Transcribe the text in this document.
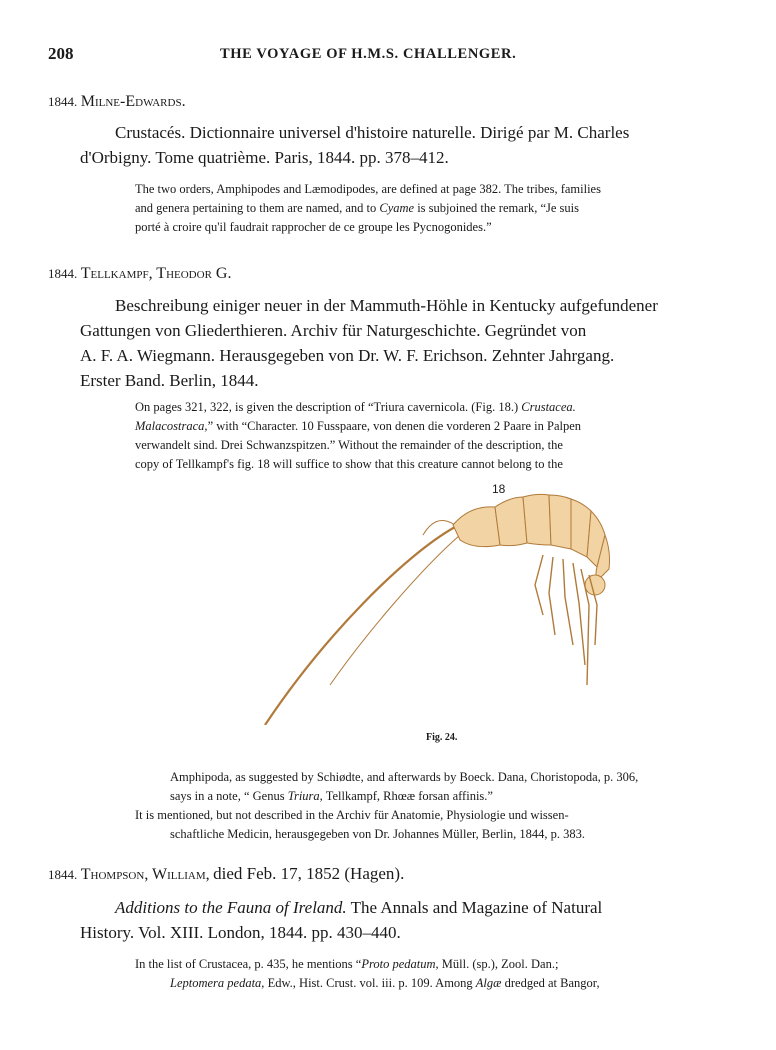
208	THE VOYAGE OF H.M.S. CHALLENGER.
1844. Milne-Edwards.
Crustacés. Dictionnaire universel d'histoire naturelle. Dirigé par M. Charles
d'Orbigny. Tome quatrième. Paris, 1844. pp. 378–412.
The two orders, Amphipodes and Læmodipodes, are defined at page 382. The tribes, families
and genera pertaining to them are named, and to Cyame is subjoined the remark, “Je suis
porté à croire qu'il faudrait rapprocher de ce groupe les Pycnogonides.”
1844. Tellkampf, Theodor G.
Beschreibung einiger neuer in der Mammuth-Höhle in Kentucky aufgefundener
Gattungen von Gliederthieren. Archiv für Naturgeschichte. Gegründet von
A. F. A. Wiegmann. Herausgegeben von Dr. W. F. Erichson. Zehnter Jahrgang.
Erster Band. Berlin, 1844.
On pages 321, 322, is given the description of “Triura cavernicola. (Fig. 18.) Crustacea.
Malacostraca,” with “Character. 10 Fusspaare, von denen die vorderen 2 Paare in Palpen
verwandelt sind. Drei Schwanzspitzen.” Without the remainder of the description, the
copy of Tellkampf's fig. 18 will suffice to show that this creature cannot belong to the
18
Fig. 24.
Amphipoda, as suggested by Schiødte, and afterwards by Boeck. Dana, Choristopoda, p. 306,
says in a note, “ Genus Triura, Tellkampf, Rhœæ forsan affinis.”
It is mentioned, but not described in the Archiv für Anatomie, Physiologie und wissen-
schaftliche Medicin, herausgegeben von Dr. Johannes Müller, Berlin, 1844, p. 383.
1844. Thompson, William, died Feb. 17, 1852 (Hagen).
Additions to the Fauna of Ireland. The Annals and Magazine of Natural
History. Vol. XIII. London, 1844. pp. 430–440.
In the list of Crustacea, p. 435, he mentions “Proto pedatum, Müll. (sp.), Zool. Dan.;
Leptomera pedata, Edw., Hist. Crust. vol. iii. p. 109. Among Algæ dredged at Bangor,
